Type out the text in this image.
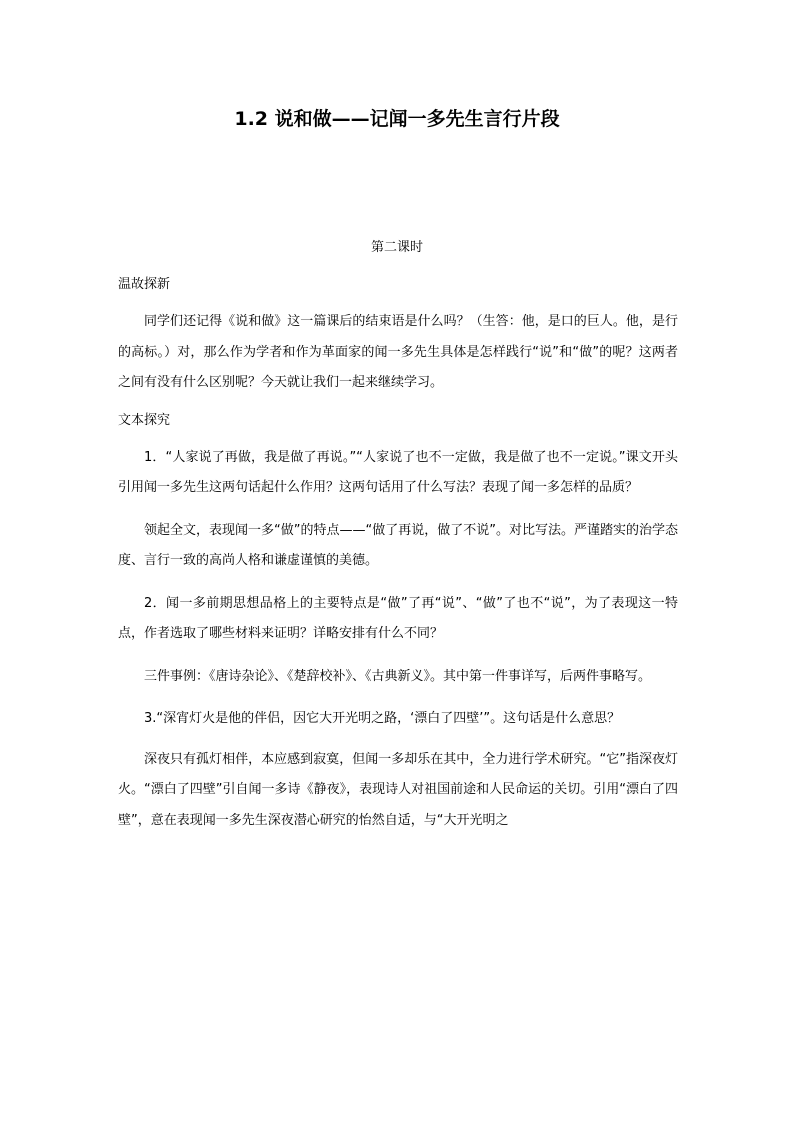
1.2 说和做——记闻一多先生言行片段
第二课时
温故探新

同学们还记得《说和做》这一篇课后的结束语是什么吗？（生答：他，是口的巨人。他，是行的高标。）对，那么作为学者和作为革面家的闻一多先生具体是怎样践行“说”和“做”的呢？这两者之间有没有什么区别呢？今天就让我们一起来继续学习。

文本探究

1．“人家说了再做，我是做了再说。”“人家说了也不一定做，我是做了也不一定说。”课文开头引用闻一多先生这两句话起什么作用？这两句话用了什么写法？表现了闻一多怎样的品质？

领起全文，表现闻一多“做”的特点——“做了再说，做了不说”。对比写法。严谨踏实的治学态度、言行一致的高尚人格和谦虚谨慎的美德。

2．闻一多前期思想品格上的主要特点是“做”了再“说”、“做”了也不“说”，为了表现这一特点，作者选取了哪些材料来证明？详略安排有什么不同？

三件事例：《唐诗杂论》、《楚辞校补》、《古典新义》。其中第一件事详写，后两件事略写。

3.“深宵灯火是他的伴侣，因它大开光明之路，‘漂白了四壁’”。这句话是什么意思？

深夜只有孤灯相伴，本应感到寂寞，但闻一多却乐在其中，全力进行学术研究。“它”指深夜灯火。“漂白了四壁”引自闻一多诗《静夜》，表现诗人对祖国前途和人民命运的关切。引用“漂白了四壁”，意在表现闻一多先生深夜潜心研究的怡然自适，与“大开光明之
